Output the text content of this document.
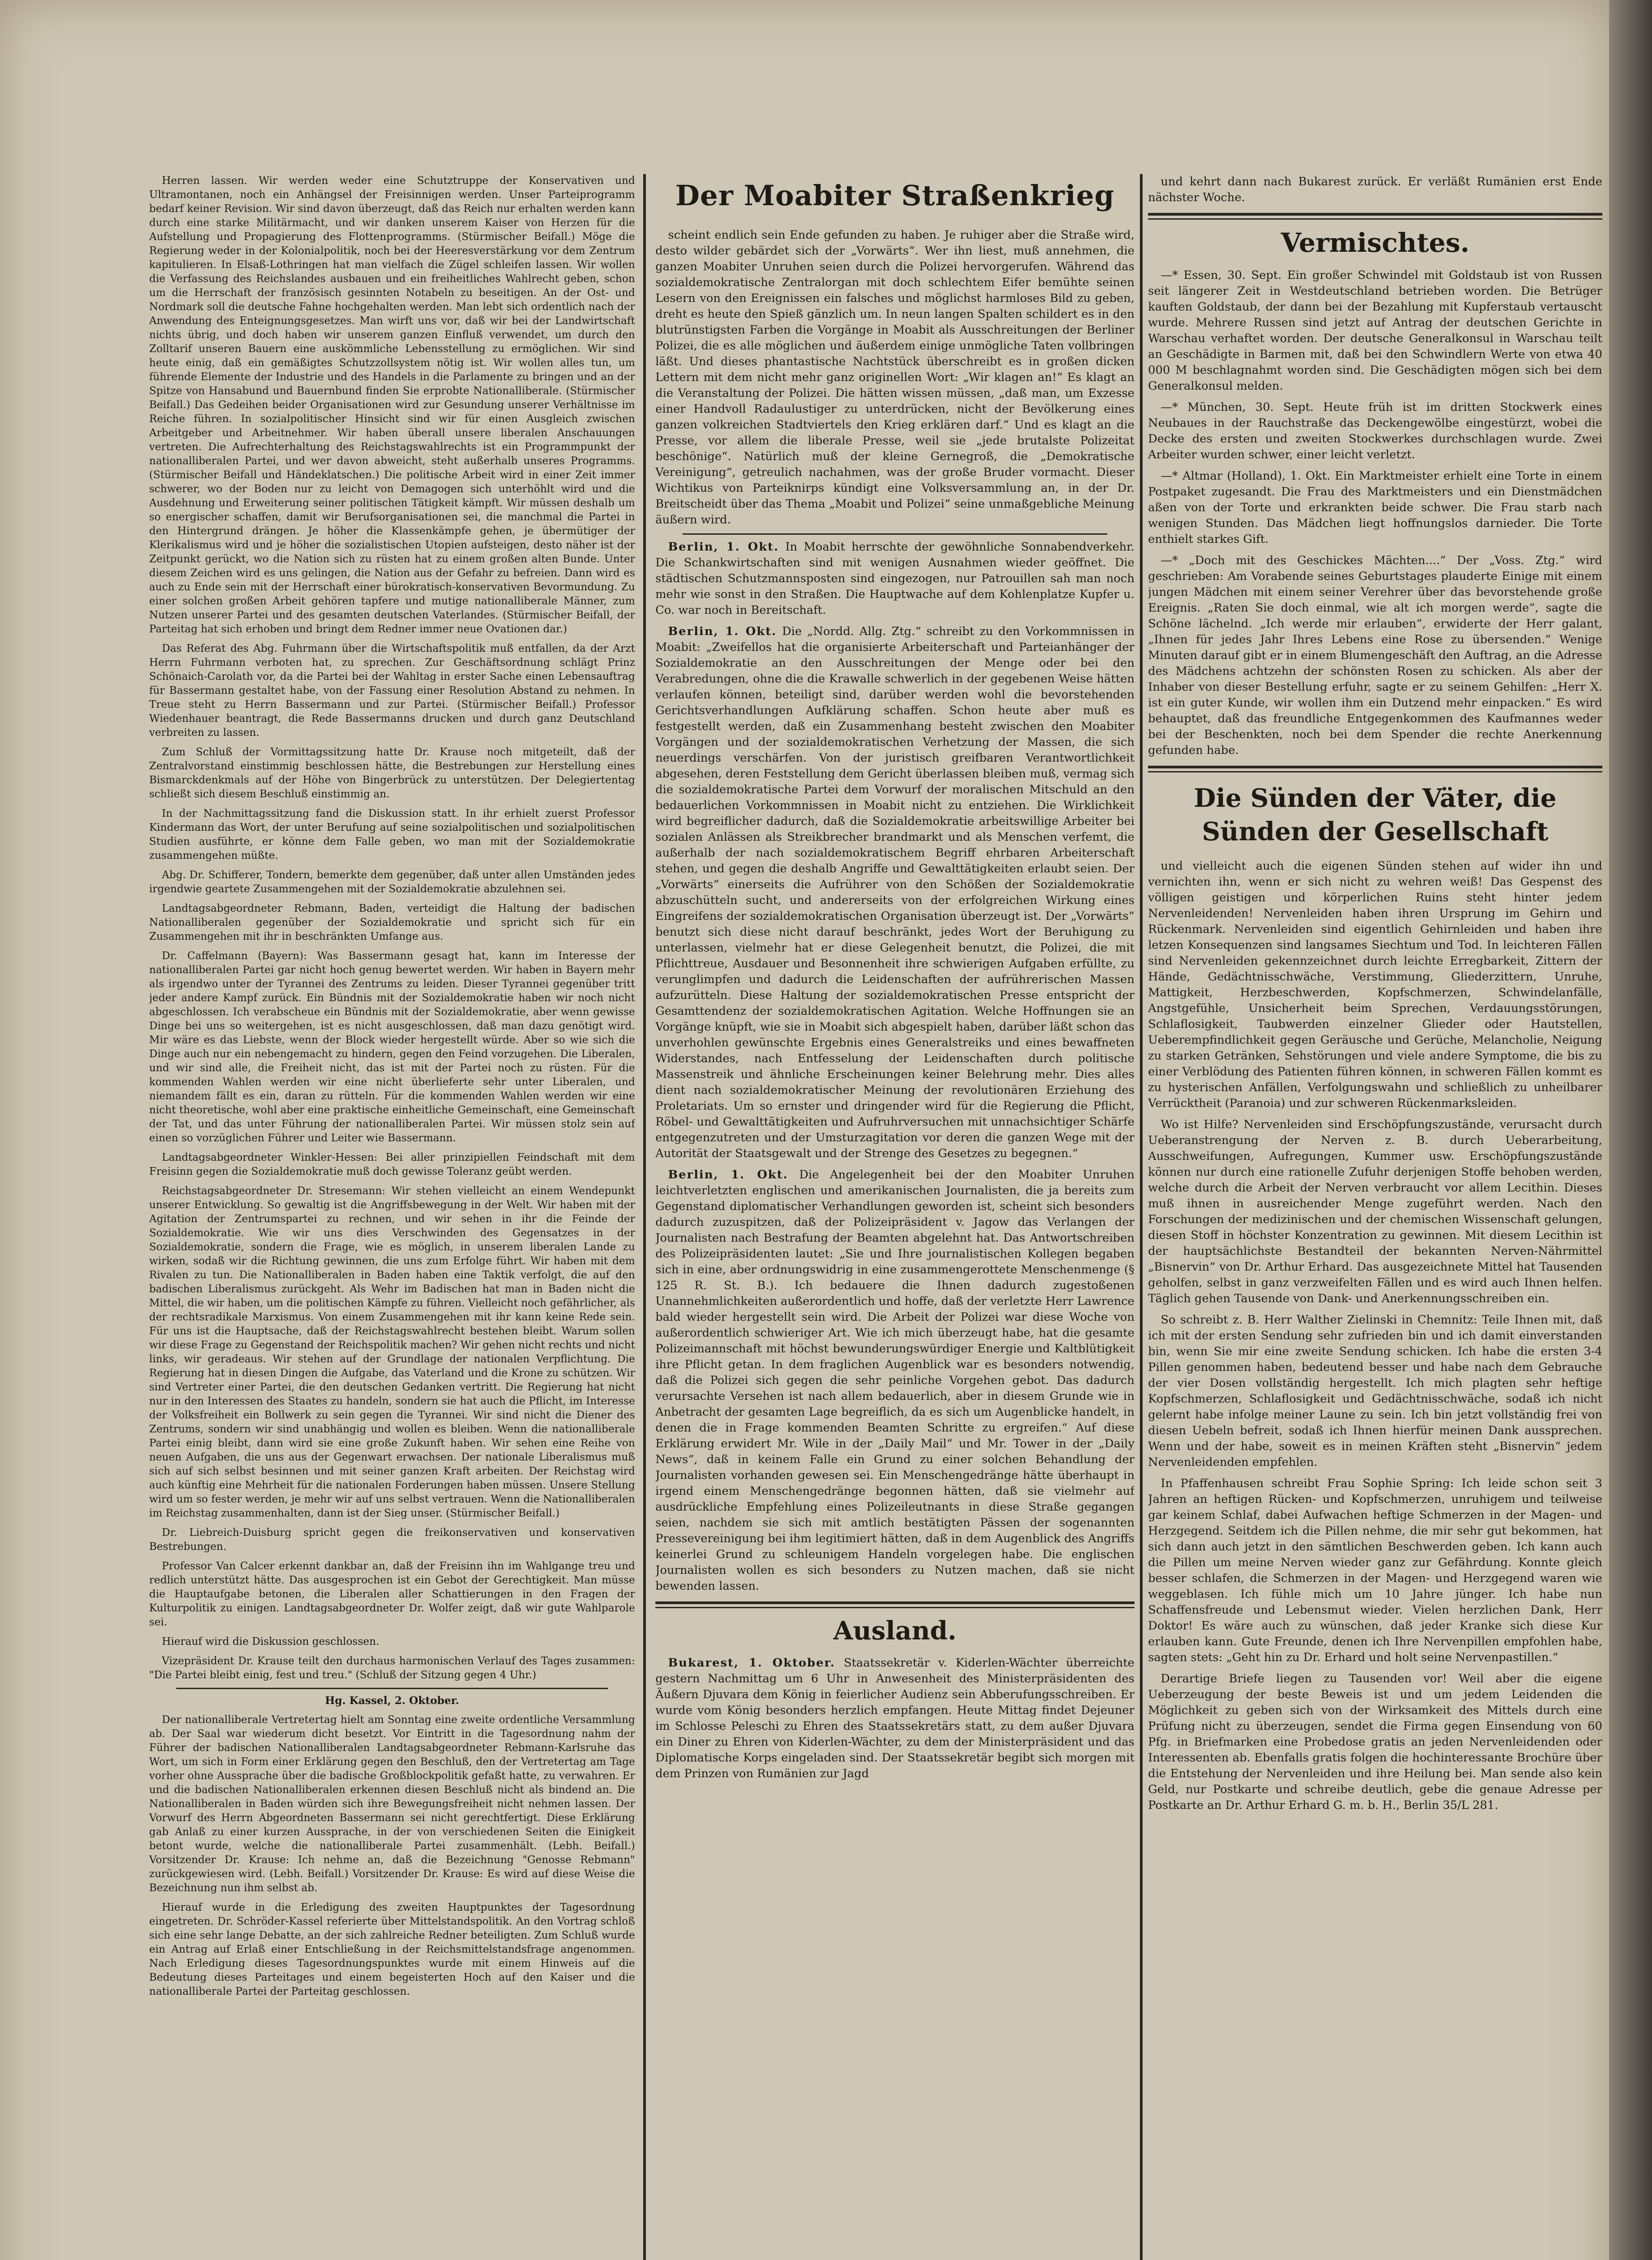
Herren lassen. Wir werden weder eine Schutztruppe der Konservativen und Ultramontanen, noch ein Anhängsel der Freisinnigen werden. Unser Parteiprogramm bedarf keiner Revision. Wir sind davon überzeugt, daß das Reich nur erhalten werden kann durch eine starke Militärmacht, und wir danken unserem Kaiser von Herzen für die Aufstellung und Propagierung des Flottenprogramms. (Stürmischer Beifall.) Möge die Regierung weder in der Kolonialpolitik, noch bei der Heeresverstärkung vor dem Zentrum kapitulieren. In Elsaß-Lothringen hat man vielfach die Zügel schleifen lassen. Wir wollen die Verfassung des Reichslandes ausbauen und ein freiheitliches Wahlrecht geben, schon um die Herrschaft der französisch gesinnten Notabeln zu beseitigen. An der Ost- und Nordmark soll die deutsche Fahne hochgehalten werden. Man lebt sich ordentlich nach der Anwendung des Enteignungsgesetzes. Man wirft uns vor, daß wir bei der Landwirtschaft nichts übrig, und doch haben wir unserem ganzen Einfluß verwendet, um durch den Zolltarif unseren Bauern eine auskömmliche Lebensstellung zu ermöglichen. Wir sind heute einig, daß ein gemäßigtes Schutzzollsystem nötig ist. Wir wollen alles tun, um führende Elemente der Industrie und des Handels in die Parlamente zu bringen und an der Spitze von Hansabund und Bauernbund finden Sie erprobte Nationalliberale. (Stürmischer Beifall.) Das Gedeihen beider Organisationen wird zur Gesundung unserer Verhältnisse im Reiche führen. In sozialpolitischer Hinsicht sind wir für einen Ausgleich zwischen Arbeitgeber und Arbeitnehmer. Wir haben überall unsere liberalen Anschauungen vertreten. Die Aufrechterhaltung des Reichstagswahlrechts ist ein Programmpunkt der nationalliberalen Partei, und wer davon abweicht, steht außerhalb unseres Programms. (Stürmischer Beifall und Händeklatschen.) Die politische Arbeit wird in einer Zeit immer schwerer, wo der Boden nur zu leicht von Demagogen sich unterhöhlt wird und die Ausdehnung und Erweiterung seiner politischen Tätigkeit kämpft. Wir müssen deshalb um so energischer schaffen, damit wir Berufsorganisationen sei, die manchmal die Partei in den Hintergrund drängen. Je höher die Klassenkämpfe gehen, je übermütiger der Klerikalismus wird und je höher die sozialistischen Utopien aufsteigen, desto näher ist der Zeitpunkt gerückt, wo die Nation sich zu rüsten hat zu einem großen alten Bunde. Unter diesem Zeichen wird es uns gelingen, die Nation aus der Gefahr zu befreien. Dann wird es auch zu Ende sein mit der Herrschaft einer bürokratisch-konservativen Bevormundung. Zu einer solchen großen Arbeit gehören tapfere und mutige nationalliberale Männer, zum Nutzen unserer Partei und des gesamten deutschen Vaterlandes. (Stürmischer Beifall, der Parteitag hat sich erhoben und bringt dem Redner immer neue Ovationen dar.)

Das Referat des Abg. Fuhrmann über die Wirtschaftspolitik muß entfallen, da der Arzt Herrn Fuhrmann verboten hat, zu sprechen. Zur Geschäftsordnung schlägt Prinz Schönaich-Carolath vor, da die Partei bei der Wahltag in erster Sache einen Lebensauftrag für Bassermann gestaltet habe, von der Fassung einer Resolution Abstand zu nehmen. In Treue steht zu Herrn Bassermann und zur Partei. (Stürmischer Beifall.) Professor Wiedenhauer beantragt, die Rede Bassermanns drucken und durch ganz Deutschland verbreiten zu lassen.

Zum Schluß der Vormittagssitzung hatte Dr. Krause noch mitgeteilt, daß der Zentralvorstand einstimmig beschlossen hätte, die Bestrebungen zur Herstellung eines Bismarckdenkmals auf der Höhe von Bingerbrück zu unterstützen. Der Delegiertentag schließt sich diesem Beschluß einstimmig an.

In der Nachmittagssitzung fand die Diskussion statt. In ihr erhielt zuerst Professor Kindermann das Wort, der unter Berufung auf seine sozialpolitischen und sozialpolitischen Studien ausführte, er könne dem Falle geben, wo man mit der Sozialdemokratie zusammengehen müßte.

Abg. Dr. Schifferer, Tondern, bemerkte dem gegenüber, daß unter allen Umständen jedes irgendwie geartete Zusammengehen mit der Sozialdemokratie abzulehnen sei.

Landtagsabgeordneter Rebmann, Baden, verteidigt die Haltung der badischen Nationalliberalen gegenüber der Sozialdemokratie und spricht sich für ein Zusammengehen mit ihr in beschränkten Umfange aus.

Dr. Caffelmann (Bayern): Was Bassermann gesagt hat, kann im Interesse der nationalliberalen Partei gar nicht hoch genug bewertet werden. Wir haben in Bayern mehr als irgendwo unter der Tyrannei des Zentrums zu leiden. Dieser Tyrannei gegenüber tritt jeder andere Kampf zurück. Ein Bündnis mit der Sozialdemokratie haben wir noch nicht abgeschlossen. Ich verabscheue ein Bündnis mit der Sozialdemokratie, aber wenn gewisse Dinge bei uns so weitergehen, ist es nicht ausgeschlossen, daß man dazu genötigt wird. Mir wäre es das Liebste, wenn der Block wieder hergestellt würde. Aber so wie sich die Dinge auch nur ein nebengemacht zu hindern, gegen den Feind vorzugehen. Die Liberalen, und wir sind alle, die Freiheit nicht, das ist mit der Partei noch zu rüsten. Für die kommenden Wahlen werden wir eine nicht überlieferte sehr unter Liberalen, und niemandem fällt es ein, daran zu rütteln. Für die kommenden Wahlen werden wir eine nicht theoretische, wohl aber eine praktische einheitliche Gemeinschaft, eine Gemeinschaft der Tat, und das unter Führung der nationalliberalen Partei. Wir müssen stolz sein auf einen so vorzüglichen Führer und Leiter wie Bassermann.

Landtagsabgeordneter Winkler-Hessen: Bei aller prinzipiellen Feindschaft mit dem Freisinn gegen die Sozialdemokratie muß doch gewisse Toleranz geübt werden.

Reichstagsabgeordneter Dr. Stresemann: Wir stehen vielleicht an einem Wendepunkt unserer Entwicklung. So gewaltig ist die Angriffsbewegung in der Welt. Wir haben mit der Agitation der Zentrumspartei zu rechnen, und wir sehen in ihr die Feinde der Sozialdemokratie. Wie wir uns dies Verschwinden des Gegensatzes in der Sozialdemokratie, sondern die Frage, wie es möglich, in unserem liberalen Lande zu wirken, sodaß wir die Richtung gewinnen, die uns zum Erfolge führt. Wir haben mit dem Rivalen zu tun. Die Nationalliberalen in Baden haben eine Taktik verfolgt, die auf den badischen Liberalismus zurückgeht. Als Wehr im Badischen hat man in Baden nicht die Mittel, die wir haben, um die politischen Kämpfe zu führen. Vielleicht noch gefährlicher, als der rechtsradikale Marxismus. Von einem Zusammengehen mit ihr kann keine Rede sein. Für uns ist die Hauptsache, daß der Reichstagswahlrecht bestehen bleibt. Warum sollen wir diese Frage zu Gegenstand der Reichspolitik machen? Wir gehen nicht rechts und nicht links, wir geradeaus. Wir stehen auf der Grundlage der nationalen Verpflichtung. Die Regierung hat in diesen Dingen die Aufgabe, das Vaterland und die Krone zu schützen. Wir sind Vertreter einer Partei, die den deutschen Gedanken vertritt. Die Regierung hat nicht nur in den Interessen des Staates zu handeln, sondern sie hat auch die Pflicht, im Interesse der Volksfreiheit ein Bollwerk zu sein gegen die Tyrannei. Wir sind nicht die Diener des Zentrums, sondern wir sind unabhängig und wollen es bleiben. Wenn die nationalliberale Partei einig bleibt, dann wird sie eine große Zukunft haben. Wir sehen eine Reihe von neuen Aufgaben, die uns aus der Gegenwart erwachsen. Der nationale Liberalismus muß sich auf sich selbst besinnen und mit seiner ganzen Kraft arbeiten. Der Reichstag wird auch künftig eine Mehrheit für die nationalen Forderungen haben müssen. Unsere Stellung wird um so fester werden, je mehr wir auf uns selbst vertrauen. Wenn die Nationalliberalen im Reichstag zusammenhalten, dann ist der Sieg unser. (Stürmischer Beifall.)

Dr. Liebreich-Duisburg spricht gegen die freikonservativen und konservativen Bestrebungen.

Professor Van Calcer erkennt dankbar an, daß der Freisinn ihn im Wahlgange treu und redlich unterstützt hätte. Das ausgesprochen ist ein Gebot der Gerechtigkeit. Man müsse die Hauptaufgabe betonen, die Liberalen aller Schattierungen in den Fragen der Kulturpolitik zu einigen. Landtagsabgeordneter Dr. Wolfer zeigt, daß wir gute Wahlparole sei.

Hierauf wird die Diskussion geschlossen.

Vizepräsident Dr. Krause teilt den durchaus harmonischen Verlauf des Tages zusammen: "Die Partei bleibt einig, fest und treu." (Schluß der Sitzung gegen 4 Uhr.)

Hg. Kassel, 2. Oktober.

Der nationalliberale Vertretertag hielt am Sonntag eine zweite ordentliche Versammlung ab. Der Saal war wiederum dicht besetzt. Vor Eintritt in die Tagesordnung nahm der Führer der badischen Nationalliberalen Landtagsabgeordneter Rebmann-Karlsruhe das Wort, um sich in Form einer Erklärung gegen den Beschluß, den der Vertretertag am Tage vorher ohne Aussprache über die badische Großblockpolitik gefaßt hatte, zu verwahren. Er und die badischen Nationalliberalen erkennen diesen Beschluß nicht als bindend an. Die Nationalliberalen in Baden würden sich ihre Bewegungsfreiheit nicht nehmen lassen. Der Vorwurf des Herrn Abgeordneten Bassermann sei nicht gerechtfertigt. Diese Erklärung gab Anlaß zu einer kurzen Aussprache, in der von verschiedenen Seiten die Einigkeit betont wurde, welche die nationalliberale Partei zusammenhält. (Lebh. Beifall.) Vorsitzender Dr. Krause: Ich nehme an, daß die Bezeichnung "Genosse Rebmann" zurückgewiesen wird. (Lebh. Beifall.) Vorsitzender Dr. Krause: Es wird auf diese Weise die Bezeichnung nun ihm selbst ab.

Hierauf wurde in die Erledigung des zweiten Hauptpunktes der Tagesordnung eingetreten. Dr. Schröder-Kassel referierte über Mittelstandspolitik. An den Vortrag schloß sich eine sehr lange Debatte, an der sich zahlreiche Redner beteiligten. Zum Schluß wurde ein Antrag auf Erlaß einer Entschließung in der Reichsmittelstandsfrage angenommen. Nach Erledigung dieses Tagesordnungspunktes wurde mit einem Hinweis auf die Bedeutung dieses Parteitages und einem begeisterten Hoch auf den Kaiser und die nationalliberale Partei der Parteitag geschlossen.

Der Moabiter Straßenkrieg

scheint endlich sein Ende gefunden zu haben. Je ruhiger aber die Straße wird, desto wilder gebärdet sich der „Vorwärts“. Wer ihn liest, muß annehmen, die ganzen Moabiter Unruhen seien durch die Polizei hervorgerufen. Während das sozialdemokratische Zentralorgan mit doch schlechtem Eifer bemühte seinen Lesern von den Ereignissen ein falsches und möglichst harmloses Bild zu geben, dreht es heute den Spieß gänzlich um. In neun langen Spalten schildert es in den blutrünstigsten Farben die Vorgänge in Moabit als Ausschreitungen der Berliner Polizei, die es alle möglichen und äußerdem einige unmögliche Taten vollbringen läßt. Und dieses phantastische Nachtstück überschreibt es in großen dicken Lettern mit dem nicht mehr ganz originellen Wort: „Wir klagen an!“ Es klagt an die Veranstaltung der Polizei. Die hätten wissen müssen, „daß man, um Exzesse einer Handvoll Radaulustiger zu unterdrücken, nicht der Bevölkerung eines ganzen volkreichen Stadtviertels den Krieg erklären darf.“ Und es klagt an die Presse, vor allem die liberale Presse, weil sie „jede brutalste Polizeitat beschönige“. Natürlich muß der kleine Gernegroß, die „Demokratische Vereinigung“, getreulich nachahmen, was der große Bruder vormacht. Dieser Wichtikus von Parteiknirps kündigt eine Volksversammlung an, in der Dr. Breitscheidt über das Thema „Moabit und Polizei“ seine unmaßgebliche Meinung äußern wird.

Berlin, 1. Okt. In Moabit herrschte der gewöhnliche Sonnabendverkehr. Die Schankwirtschaften sind mit wenigen Ausnahmen wieder geöffnet. Die städtischen Schutzmannsposten sind eingezogen, nur Patrouillen sah man noch mehr wie sonst in den Straßen. Die Hauptwache auf dem Kohlenplatze Kupfer u. Co. war noch in Bereitschaft.

Berlin, 1. Okt. Die „Nordd. Allg. Ztg.“ schreibt zu den Vorkommnissen in Moabit: „Zweifellos hat die organisierte Arbeiterschaft und Parteianhänger der Sozialdemokratie an den Ausschreitungen der Menge oder bei den Verabredungen, ohne die die Krawalle schwerlich in der gegebenen Weise hätten verlaufen können, beteiligt sind, darüber werden wohl die bevorstehenden Gerichtsverhandlungen Aufklärung schaffen. Schon heute aber muß es festgestellt werden, daß ein Zusammenhang besteht zwischen den Moabiter Vorgängen und der sozialdemokratischen Verhetzung der Massen, die sich neuerdings verschärfen. Von der juristisch greifbaren Verantwortlichkeit abgesehen, deren Feststellung dem Gericht überlassen bleiben muß, vermag sich die sozialdemokratische Partei dem Vorwurf der moralischen Mitschuld an den bedauerlichen Vorkommnissen in Moabit nicht zu entziehen. Die Wirklichkeit wird begreiflicher dadurch, daß die Sozialdemokratie arbeitswillige Arbeiter bei sozialen Anlässen als Streikbrecher brandmarkt und als Menschen verfemt, die außerhalb der nach sozialdemokratischem Begriff ehrbaren Arbeiterschaft stehen, und gegen die deshalb Angriffe und Gewalttätigkeiten erlaubt seien. Der „Vorwärts“ einerseits die Aufrührer von den Schößen der Sozialdemokratie abzuschütteln sucht, und andererseits von der erfolgreichen Wirkung eines Eingreifens der sozialdemokratischen Organisation überzeugt ist. Der „Vorwärts“ benutzt sich diese nicht darauf beschränkt, jedes Wort der Beruhigung zu unterlassen, vielmehr hat er diese Gelegenheit benutzt, die Polizei, die mit Pflichttreue, Ausdauer und Besonnenheit ihre schwierigen Aufgaben erfüllte, zu verunglimpfen und dadurch die Leidenschaften der aufrührerischen Massen aufzurütteln. Diese Haltung der sozialdemokratischen Presse entspricht der Gesamttendenz der sozialdemokratischen Agitation. Welche Hoffnungen sie an Vorgänge knüpft, wie sie in Moabit sich abgespielt haben, darüber läßt schon das unverhohlen gewünschte Ergebnis eines Generalstreiks und eines bewaffneten Widerstandes, nach Entfesselung der Leidenschaften durch politische Massenstreik und ähnliche Erscheinungen keiner Belehrung mehr. Dies alles dient nach sozialdemokratischer Meinung der revolutionären Erziehung des Proletariats. Um so ernster und dringender wird für die Regierung die Pflicht, Röbel- und Gewalttätigkeiten und Aufruhrversuchen mit unnachsichtiger Schärfe entgegenzutreten und der Umsturzagitation vor deren die ganzen Wege mit der Autorität der Staatsgewalt und der Strenge des Gesetzes zu begegnen.“

Berlin, 1. Okt. Die Angelegenheit bei der den Moabiter Unruhen leichtverletzten englischen und amerikanischen Journalisten, die ja bereits zum Gegenstand diplomatischer Verhandlungen geworden ist, scheint sich besonders dadurch zuzuspitzen, daß der Polizeipräsident v. Jagow das Verlangen der Journalisten nach Bestrafung der Beamten abgelehnt hat. Das Antwortschreiben des Polizeipräsidenten lautet: „Sie und Ihre journalistischen Kollegen begaben sich in eine, aber ordnungswidrig in eine zusammengerottete Menschenmenge (§ 125 R. St. B.). Ich bedauere die Ihnen dadurch zugestoßenen Unannehmlichkeiten außerordentlich und hoffe, daß der verletzte Herr Lawrence bald wieder hergestellt sein wird. Die Arbeit der Polizei war diese Woche von außerordentlich schwieriger Art. Wie ich mich überzeugt habe, hat die gesamte Polizeimannschaft mit höchst bewunderungswürdiger Energie und Kaltblütigkeit ihre Pflicht getan. In dem fraglichen Augenblick war es besonders notwendig, daß die Polizei sich gegen die sehr peinliche Vorgehen gebot. Das dadurch verursachte Versehen ist nach allem bedauerlich, aber in diesem Grunde wie in Anbetracht der gesamten Lage begreiflich, da es sich um Augenblicke handelt, in denen die in Frage kommenden Beamten Schritte zu ergreifen.“ Auf diese Erklärung erwidert Mr. Wile in der „Daily Mail“ und Mr. Tower in der „Daily News“, daß in keinem Falle ein Grund zu einer solchen Behandlung der Journalisten vorhanden gewesen sei. Ein Menschengedränge hätte überhaupt in irgend einem Menschengedränge begonnen hätten, daß sie vielmehr auf ausdrückliche Empfehlung eines Polizeileutnants in diese Straße gegangen seien, nachdem sie sich mit amtlich bestätigten Pässen der sogenannten Pressevereinigung bei ihm legitimiert hätten, daß in dem Augenblick des Angriffs keinerlei Grund zu schleunigem Handeln vorgelegen habe. Die englischen Journalisten wollen es sich besonders zu Nutzen machen, daß sie nicht bewenden lassen.

Ausland.

Bukarest, 1. Oktober. Staatssekretär v. Kiderlen-Wächter überreichte gestern Nachmittag um 6 Uhr in Anwesenheit des Ministerpräsidenten des Äußern Djuvara dem König in feierlicher Audienz sein Abberufungsschreiben. Er wurde vom König besonders herzlich empfangen. Heute Mittag findet Dejeuner im Schlosse Peleschi zu Ehren des Staatssekretärs statt, zu dem außer Djuvara ein Diner zu Ehren von Kiderlen-Wächter, zu dem der Ministerpräsident und das Diplomatische Korps eingeladen sind. Der Staatssekretär begibt sich morgen mit dem Prinzen von Rumänien zur Jagd

und kehrt dann nach Bukarest zurück. Er verläßt Rumänien erst Ende nächster Woche.

Vermischtes.

—* Essen, 30. Sept. Ein großer Schwindel mit Goldstaub ist von Russen seit längerer Zeit in Westdeutschland betrieben worden. Die Betrüger kauften Goldstaub, der dann bei der Bezahlung mit Kupferstaub vertauscht wurde. Mehrere Russen sind jetzt auf Antrag der deutschen Gerichte in Warschau verhaftet worden. Der deutsche Generalkonsul in Warschau teilt an Geschädigte in Barmen mit, daß bei den Schwindlern Werte von etwa 40 000 M beschlagnahmt worden sind. Die Geschädigten mögen sich bei dem Generalkonsul melden.

—* München, 30. Sept. Heute früh ist im dritten Stockwerk eines Neubaues in der Rauchstraße das Deckengewölbe eingestürzt, wobei die Decke des ersten und zweiten Stockwerkes durchschlagen wurde. Zwei Arbeiter wurden schwer, einer leicht verletzt.

—* Altmar (Holland), 1. Okt. Ein Marktmeister erhielt eine Torte in einem Postpaket zugesandt. Die Frau des Marktmeisters und ein Dienstmädchen aßen von der Torte und erkrankten beide schwer. Die Frau starb nach wenigen Stunden. Das Mädchen liegt hoffnungslos darnieder. Die Torte enthielt starkes Gift.

—* „Doch mit des Geschickes Mächten....“ Der „Voss. Ztg.“ wird geschrieben: Am Vorabende seines Geburtstages plauderte Einige mit einem jungen Mädchen mit einem seiner Verehrer über das bevorstehende große Ereignis. „Raten Sie doch einmal, wie alt ich morgen werde“, sagte die Schöne lächelnd. „Ich werde mir erlauben“, erwiderte der Herr galant, „Ihnen für jedes Jahr Ihres Lebens eine Rose zu übersenden.“ Wenige Minuten darauf gibt er in einem Blumengeschäft den Auftrag, an die Adresse des Mädchens achtzehn der schönsten Rosen zu schicken. Als aber der Inhaber von dieser Bestellung erfuhr, sagte er zu seinem Gehilfen: „Herr X. ist ein guter Kunde, wir wollen ihm ein Dutzend mehr einpacken.“ Es wird behauptet, daß das freundliche Entgegenkommen des Kaufmannes weder bei der Beschenkten, noch bei dem Spender die rechte Anerkennung gefunden habe.

Die Sünden der Väter, die Sünden der Gesellschaft

und vielleicht auch die eigenen Sünden stehen auf wider ihn und vernichten ihn, wenn er sich nicht zu wehren weiß! Das Gespenst des völligen geistigen und körperlichen Ruins steht hinter jedem Nervenleidenden! Nervenleiden haben ihren Ursprung im Gehirn und Rückenmark. Nervenleiden sind eigentlich Gehirnleiden und haben ihre letzen Konsequenzen sind langsames Siechtum und Tod. In leichteren Fällen sind Nervenleiden gekennzeichnet durch leichte Erregbarkeit, Zittern der Hände, Gedächtnisschwäche, Verstimmung, Gliederzittern, Unruhe, Mattigkeit, Herzbeschwerden, Kopfschmerzen, Schwindelanfälle, Angstgefühle, Unsicherheit beim Sprechen, Verdauungsstörungen, Schlaflosigkeit, Taubwerden einzelner Glieder oder Hautstellen, Ueberempfindlichkeit gegen Geräusche und Gerüche, Melancholie, Neigung zu starken Getränken, Sehstörungen und viele andere Symptome, die bis zu einer Verblödung des Patienten führen können, in schweren Fällen kommt es zu hysterischen Anfällen, Verfolgungswahn und schließlich zu unheilbarer Verrücktheit (Paranoia) und zur schweren Rückenmarksleiden.

Wo ist Hilfe? Nervenleiden sind Erschöpfungszustände, verursacht durch Ueberanstrengung der Nerven z. B. durch Ueberarbeitung, Ausschweifungen, Aufregungen, Kummer usw. Erschöpfungszustände können nur durch eine rationelle Zufuhr derjenigen Stoffe behoben werden, welche durch die Arbeit der Nerven verbraucht vor allem Lecithin. Dieses muß ihnen in ausreichender Menge zugeführt werden. Nach den Forschungen der medizinischen und der chemischen Wissenschaft gelungen, diesen Stoff in höchster Konzentration zu gewinnen. Mit diesem Lecithin ist der hauptsächlichste Bestandteil der bekannten Nerven-Nährmittel „Bisnervin“ von Dr. Arthur Erhard. Das ausgezeichnete Mittel hat Tausenden geholfen, selbst in ganz verzweifelten Fällen und es wird auch Ihnen helfen. Täglich gehen Tausende von Dank- und Anerkennungsschreiben ein.

So schreibt z. B. Herr Walther Zielinski in Chemnitz: Teile Ihnen mit, daß ich mit der ersten Sendung sehr zufrieden bin und ich damit einverstanden bin, wenn Sie mir eine zweite Sendung schicken. Ich habe die ersten 3-4 Pillen genommen haben, bedeutend besser und habe nach dem Gebrauche der vier Dosen vollständig hergestellt. Ich mich plagten sehr heftige Kopfschmerzen, Schlaflosigkeit und Gedächtnisschwäche, sodaß ich nicht gelernt habe infolge meiner Laune zu sein. Ich bin jetzt vollständig frei von diesen Uebeln befreit, sodaß ich Ihnen hierfür meinen Dank aussprechen. Wenn und der habe, soweit es in meinen Kräften steht „Bisnervin“ jedem Nervenleidenden empfehlen.

In Pfaffenhausen schreibt Frau Sophie Spring: Ich leide schon seit 3 Jahren an heftigen Rücken- und Kopfschmerzen, unruhigem und teilweise gar keinem Schlaf, dabei Aufwachen heftige Schmerzen in der Magen- und Herzgegend. Seitdem ich die Pillen nehme, die mir sehr gut bekommen, hat sich dann auch jetzt in den sämtlichen Beschwerden geben. Ich kann auch die Pillen um meine Nerven wieder ganz zur Gefährdung. Konnte gleich besser schlafen, die Schmerzen in der Magen- und Herzgegend waren wie weggeblasen. Ich fühle mich um 10 Jahre jünger. Ich habe nun Schaffensfreude und Lebensmut wieder. Vielen herzlichen Dank, Herr Doktor! Es wäre auch zu wünschen, daß jeder Kranke sich diese Kur erlauben kann. Gute Freunde, denen ich Ihre Nervenpillen empfohlen habe, sagten stets: „Geht hin zu Dr. Erhard und holt seine Nervenpastillen.“

Derartige Briefe liegen zu Tausenden vor! Weil aber die eigene Ueberzeugung der beste Beweis ist und um jedem Leidenden die Möglichkeit zu geben sich von der Wirksamkeit des Mittels durch eine Prüfung nicht zu überzeugen, sendet die Firma gegen Einsendung von 60 Pfg. in Briefmarken eine Probedose gratis an jeden Nervenleidenden oder Interessenten ab. Ebenfalls gratis folgen die hochinteressante Brochüre über die Entstehung der Nervenleiden und ihre Heilung bei. Man sende also kein Geld, nur Postkarte und schreibe deutlich, gebe die genaue Adresse per Postkarte an Dr. Arthur Erhard G. m. b. H., Berlin 35/L 281.
